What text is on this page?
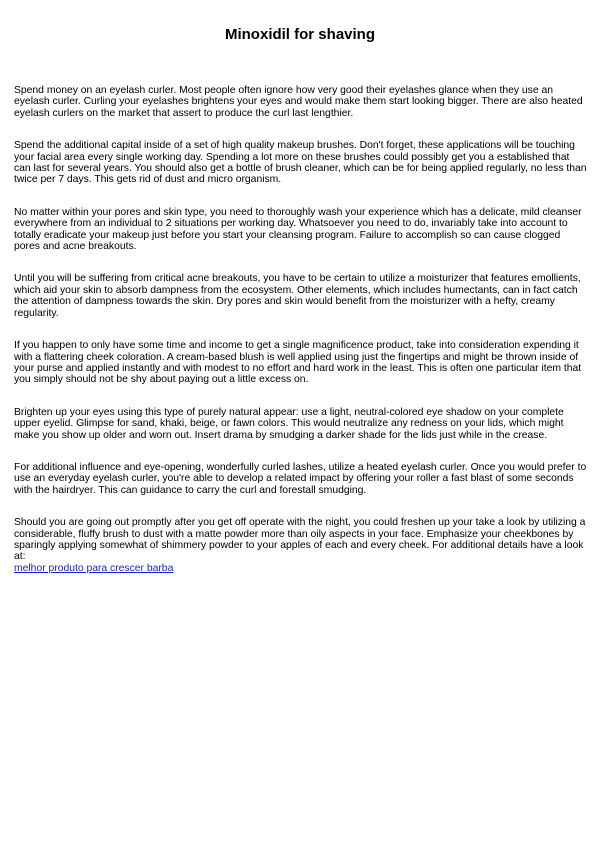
Minoxidil for shaving

Spend money on an eyelash curler. Most people often ignore how very good their eyelashes glance when they use an eyelash curler. Curling your eyelashes brightens your eyes and would make them start looking bigger. There are also heated eyelash curlers on the market that assert to produce the curl last lengthier.

Spend the additional capital inside of a set of high quality makeup brushes. Don't forget, these applications will be touching your facial area every single working day. Spending a lot more on these brushes could possibly get you a established that can last for several years. You should also get a bottle of brush cleaner, which can be for being applied regularly, no less than twice per 7 days. This gets rid of dust and micro organism.

No matter within your pores and skin type, you need to thoroughly wash your experience which has a delicate, mild cleanser everywhere from an individual to 2 situations per working day. Whatsoever you need to do, invariably take into account to totally eradicate your makeup just before you start your cleansing program. Failure to accomplish so can cause clogged pores and acne breakouts.

Until you will be suffering from critical acne breakouts, you have to be certain to utilize a moisturizer that features emollients, which aid your skin to absorb dampness from the ecosystem. Other elements, which includes humectants, can in fact catch the attention of dampness towards the skin. Dry pores and skin would benefit from the moisturizer with a hefty, creamy regularity.

If you happen to only have some time and income to get a single magnificence product, take into consideration expending it with a flattering cheek coloration. A cream-based blush is well applied using just the fingertips and might be thrown inside of your purse and applied instantly and with modest to no effort and hard work in the least. This is often one particular item that you simply should not be shy about paying out a little excess on.

Brighten up your eyes using this type of purely natural appear: use a light, neutral-colored eye shadow on your complete upper eyelid. Glimpse for sand, khaki, beige, or fawn colors. This would neutralize any redness on your lids, which might make you show up older and worn out. Insert drama by smudging a darker shade for the lids just while in the crease.

For additional influence and eye-opening, wonderfully curled lashes, utilize a heated eyelash curler. Once you would prefer to use an everyday eyelash curler, you're able to develop a related impact by offering your roller a fast blast of some seconds with the hairdryer. This can guidance to carry the curl and forestall smudging.

Should you are going out promptly after you get off operate with the night, you could freshen up your take a look by utilizing a considerable, fluffy brush to dust with a matte powder more than oily aspects in your face. Emphasize your cheekbones by sparingly applying somewhat of shimmery powder to your apples of each and every cheek. For additional details have a look at:
melhor produto para crescer barba
